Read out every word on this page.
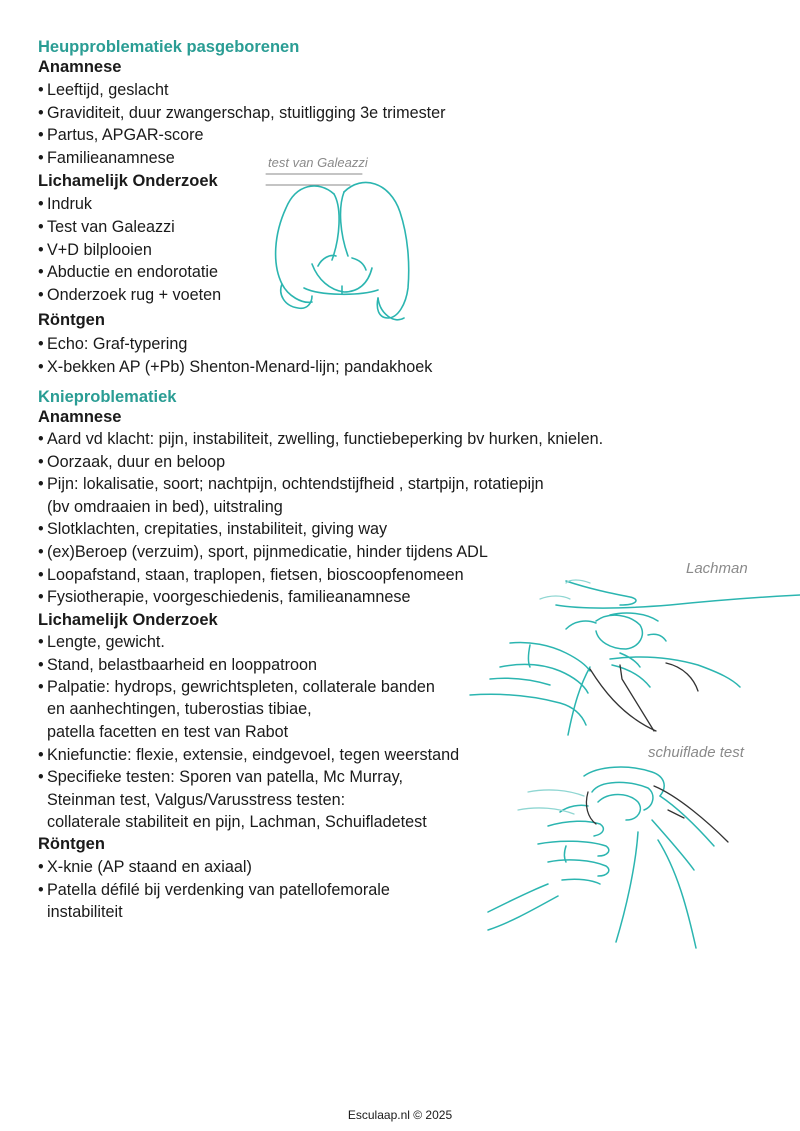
Heupproblematiek pasgeborenen
Anamnese
• Leeftijd, geslacht
• Graviditeit, duur zwangerschap, stuitligging 3e trimester
• Partus, APGAR-score
• Familieanamnese
Lichamelijk Onderzoek
• Indruk
• Test van Galeazzi
• V+D bilplooien
• Abductie en endorotatie
• Onderzoek rug + voeten
Röntgen
• Echo: Graf-typering
• X-bekken AP (+Pb) Shenton-Menard-lijn; pandakhoek
test van Galeazzi
Knieproblematiek
Anamnese
• Aard vd klacht: pijn, instabiliteit, zwelling, functiebeperking bv hurken, knielen.
• Oorzaak, duur en beloop
• Pijn: lokalisatie, soort; nachtpijn, ochtendstijfheid , startpijn, rotatiepijn
(bv omdraaien in bed), uitstraling
• Slotklachten, crepitaties, instabiliteit, giving way
• (ex)Beroep (verzuim), sport, pijnmedicatie, hinder tijdens ADL
• Loopafstand, staan, traplopen, fietsen, bioscoopfenomeen
• Fysiotherapie, voorgeschiedenis, familieanamnese
Lichamelijk Onderzoek
• Lengte, gewicht.
• Stand, belastbaarheid en looppatroon
• Palpatie: hydrops, gewrichtspleten, collaterale banden
en aanhechtingen, tuberostias tibiae,
patella facetten en test van Rabot
• Kniefunctie: flexie, extensie, eindgevoel, tegen weerstand
• Specifieke testen: Sporen van patella, Mc Murray,
Steinman test, Valgus/Varusstress testen:
collaterale stabiliteit en pijn, Lachman, Schuifladetest
Röntgen
• X-knie (AP staand en axiaal)
• Patella défilé bij verdenking van patellofemorale
instabiliteit
Lachman
schuiflade test
Esculaap.nl © 2025
